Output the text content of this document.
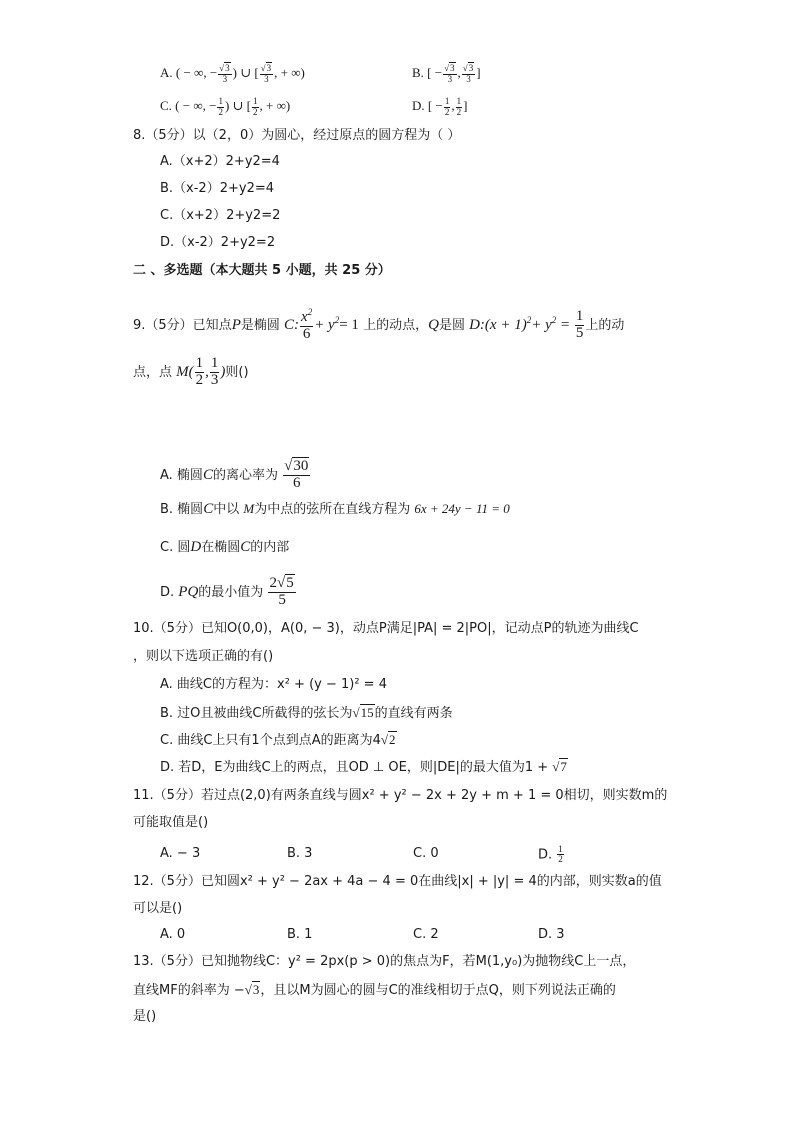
A. ( − ∞, − $\frac{√3}{3}$ ) ∪ [ $\frac{√3}{3}$ , + ∞)	B. [ − $\frac{√3}{3}$ , $\frac{√3}{3}$ ]
C. ( − ∞, − $\frac{1}{2}$ ) ∪ [ $\frac{1}{2}$ , + ∞)	D. [ − $\frac{1}{2}$ , $\frac{1}{2}$ ]
8.（5分）以（2，0）为圆心，经过原点的圆方程为（ ）
A.（x+2）2+y2=4
B.（x-2）2+y2=4
C.（x+2）2+y2=2
D.（x-2）2+y2=2
二 、多选题（本大题共 5 小题，共 25 分）
9.（5分）已知点P是椭圆 C: $\frac{x^2}{6} + y^2= 1$ 上的动点，Q是圆 D:(x + $1)^2+ y^2 = \frac{1}{5}$ 上的动
点，点 $M( \frac{1}{2}$ , $\frac{1}{3}$ )则()
A. 椭圆C的离心率为 $\frac{√30}{6}$
B. 椭圆C中以 M为中点的弦所在直线方程为 6x + 24y − 11 = 0
C. 圆D在椭圆C的内部
D. PQ的最小值为 $\frac{2√5}{5}$
10.（5分）已知O(0,0)，A(0, − 3)，动点P满足|PA| = 2|PO|，记动点P的轨迹为曲线C
，则以下选项正确的有()
A. 曲线C的方程为：x² + (y − 1)² = 4
B. 过O且被曲线C所截得的弦长为√15的直线有两条
C. 曲线C上只有1个点到点A的距离为4√2
D. 若D，E为曲线C上的两点，且OD ⊥ OE，则|DE|的最大值为1 + √7
11.（5分）若过点(2,0)有两条直线与圆x² + y² − 2x + 2y + m + 1 = 0相切，则实数m的
可能取值是()
A. − 3	B. 3	C. 0	D. $\frac{1}{2}$
12.（5分）已知圆x² + y² − 2ax + 4a − 4 = 0在曲线|x| + |y| = 4的内部，则实数a的值
可以是()
A. 0	B. 1	C. 2	D. 3
13.（5分）已知抛物线C：y² = 2px(p > 0)的焦点为F，若M(1,y₀)为抛物线C上一点，
直线MF的斜率为 −√3，且以M为圆心的圆与C的准线相切于点Q，则下列说法正确的
是()
